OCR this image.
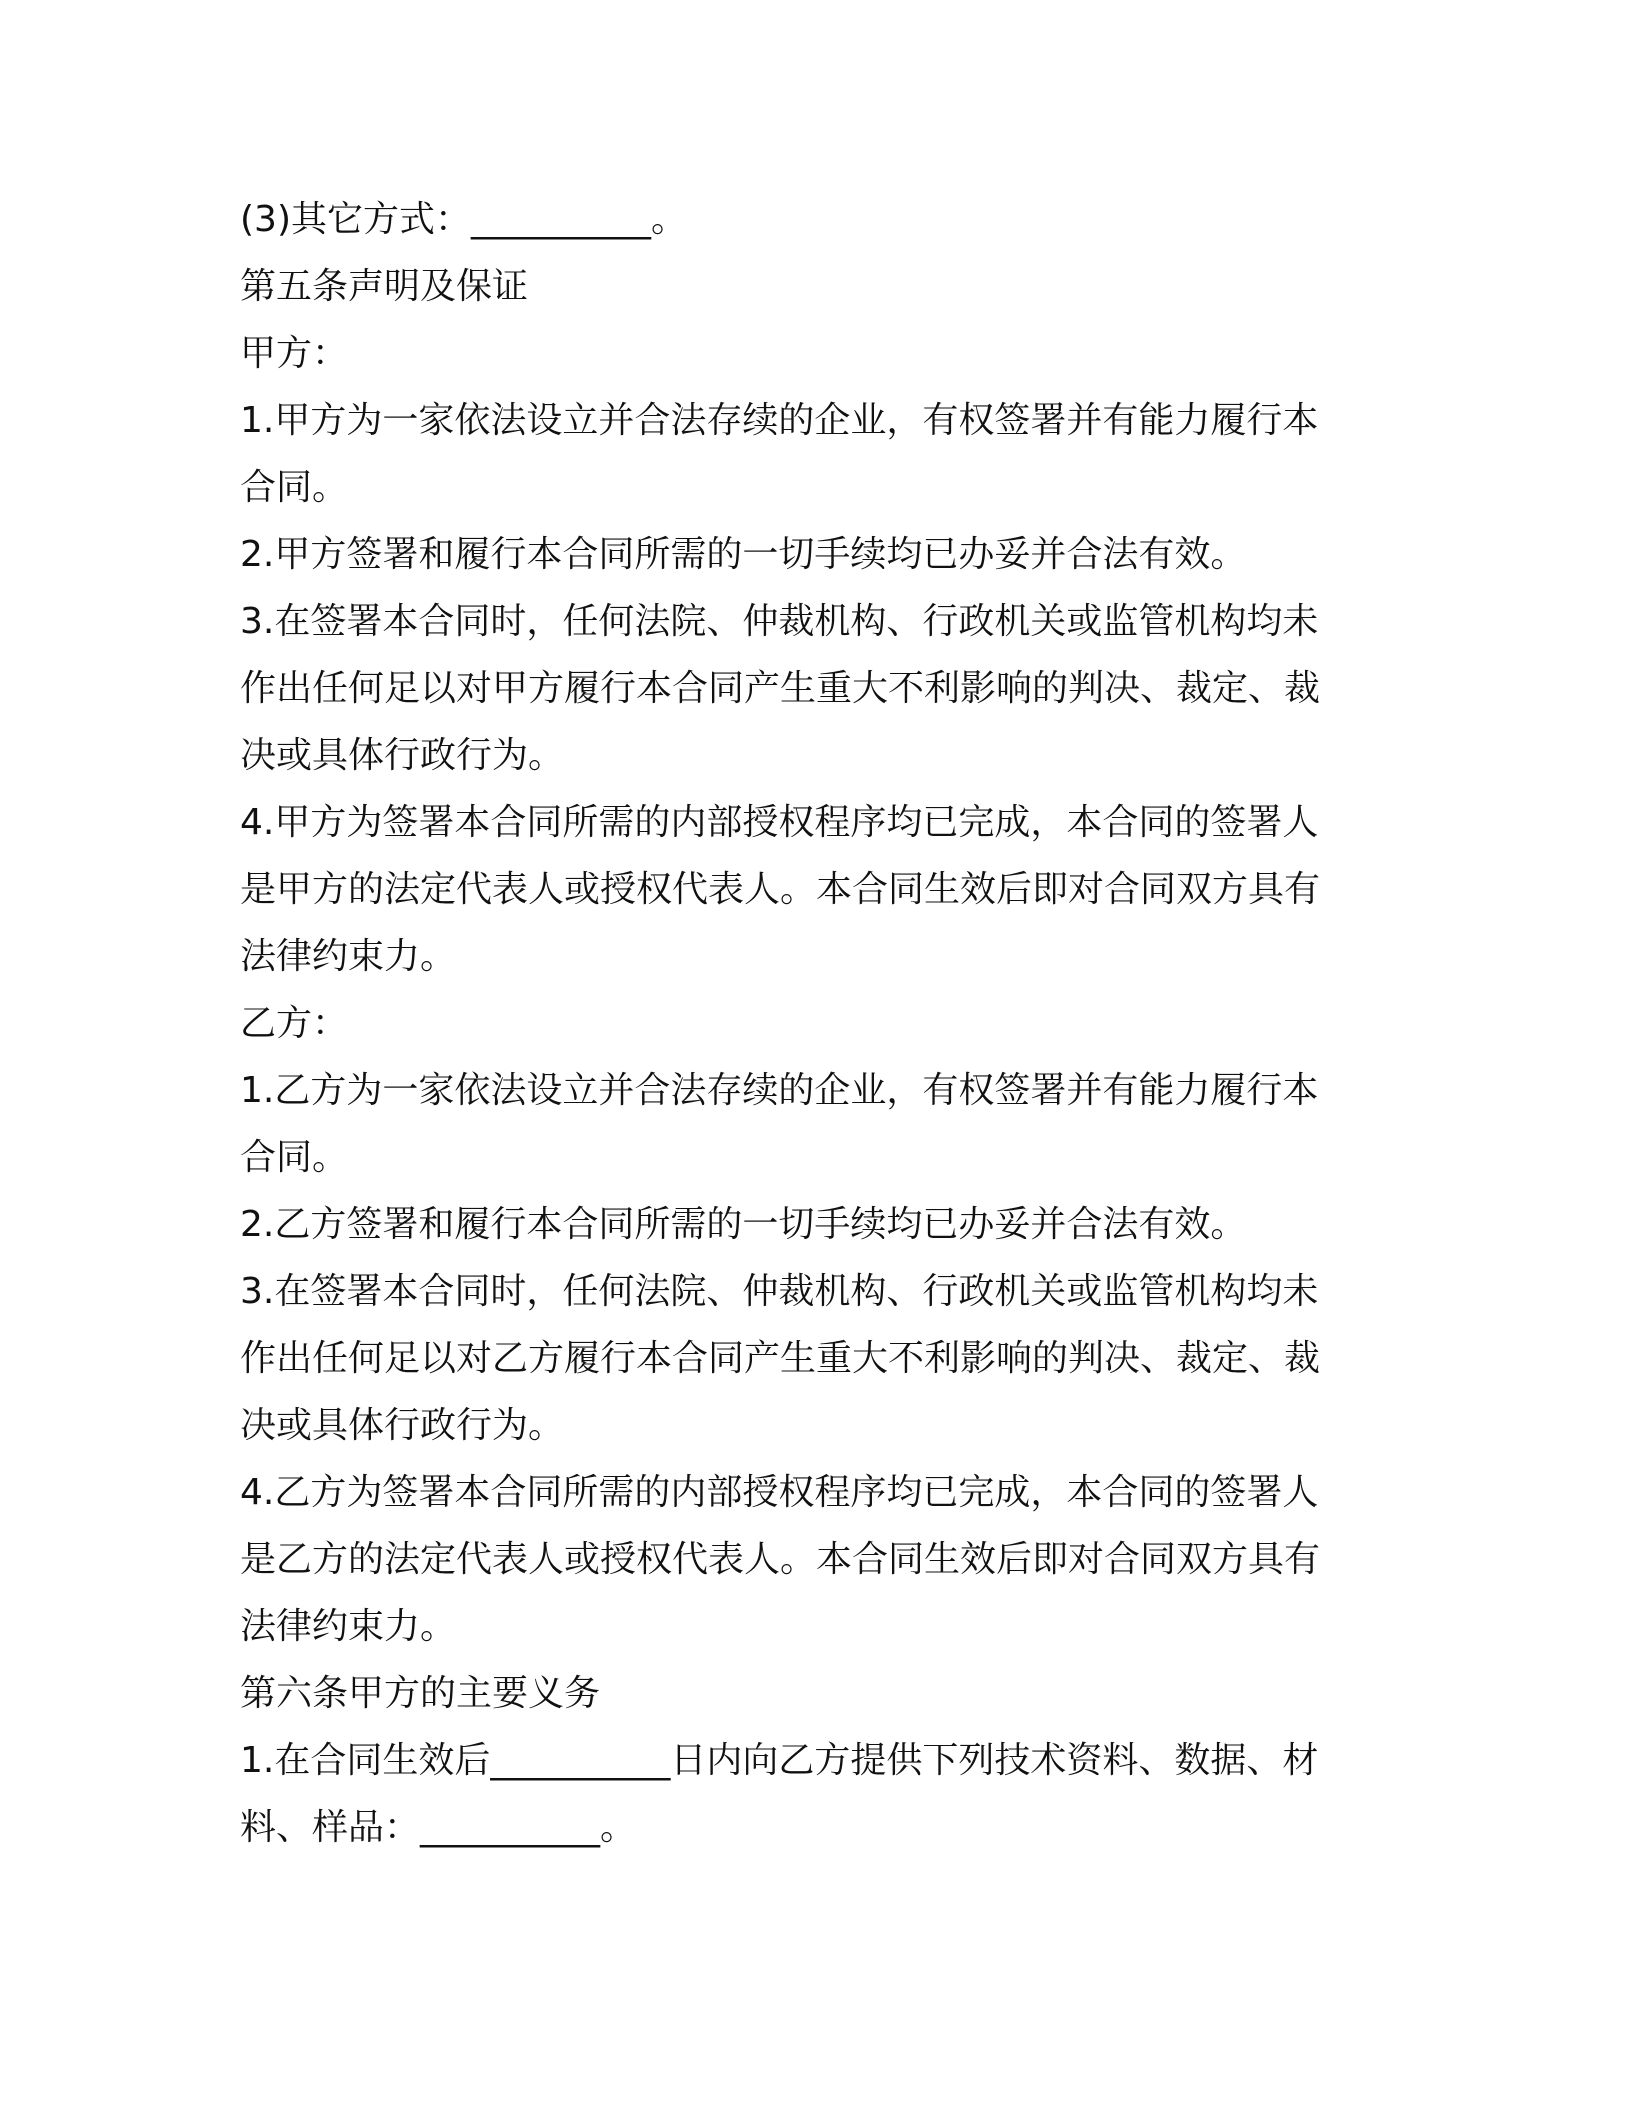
(3)其它方式：__________。
第五条声明及保证
甲方：
1.甲方为一家依法设立并合法存续的企业，有权签署并有能力履行本
合同。
2.甲方签署和履行本合同所需的一切手续均已办妥并合法有效。
3.在签署本合同时，任何法院、仲裁机构、行政机关或监管机构均未
作出任何足以对甲方履行本合同产生重大不利影响的判决、裁定、裁
决或具体行政行为。
4.甲方为签署本合同所需的内部授权程序均已完成，本合同的签署人
是甲方的法定代表人或授权代表人。本合同生效后即对合同双方具有
法律约束力。
乙方：
1.乙方为一家依法设立并合法存续的企业，有权签署并有能力履行本
合同。
2.乙方签署和履行本合同所需的一切手续均已办妥并合法有效。
3.在签署本合同时，任何法院、仲裁机构、行政机关或监管机构均未
作出任何足以对乙方履行本合同产生重大不利影响的判决、裁定、裁
决或具体行政行为。
4.乙方为签署本合同所需的内部授权程序均已完成，本合同的签署人
是乙方的法定代表人或授权代表人。本合同生效后即对合同双方具有
法律约束力。
第六条甲方的主要义务
1.在合同生效后__________日内向乙方提供下列技术资料、数据、材
料、样品：__________。
